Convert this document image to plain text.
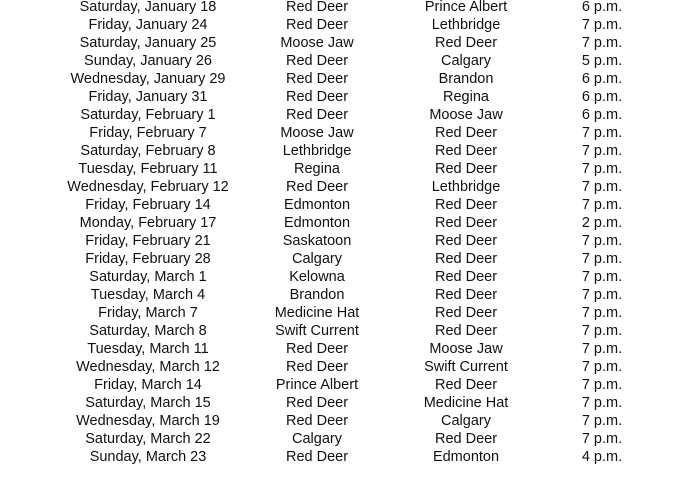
Saturday, January 18	Red Deer	Prince Albert	6 p.m.
Friday, January 24	Red Deer	Lethbridge	7 p.m.
Saturday, January 25	Moose Jaw	Red Deer	7 p.m.
Sunday, January 26	Red Deer	Calgary	5 p.m.
Wednesday, January 29	Red Deer	Brandon	6 p.m.
Friday, January 31	Red Deer	Regina	6 p.m.
Saturday, February 1	Red Deer	Moose Jaw	6 p.m.
Friday, February 7	Moose Jaw	Red Deer	7 p.m.
Saturday, February 8	Lethbridge	Red Deer	7 p.m.
Tuesday, February 11	Regina	Red Deer	7 p.m.
Wednesday, February 12	Red Deer	Lethbridge	7 p.m.
Friday, February 14	Edmonton	Red Deer	7 p.m.
Monday, February 17	Edmonton	Red Deer	2 p.m.
Friday, February 21	Saskatoon	Red Deer	7 p.m.
Friday, February 28	Calgary	Red Deer	7 p.m.
Saturday, March 1	Kelowna	Red Deer	7 p.m.
Tuesday, March 4	Brandon	Red Deer	7 p.m.
Friday, March 7	Medicine Hat	Red Deer	7 p.m.
Saturday, March 8	Swift Current	Red Deer	7 p.m.
Tuesday, March 11	Red Deer	Moose Jaw	7 p.m.
Wednesday, March 12	Red Deer	Swift Current	7 p.m.
Friday, March 14	Prince Albert	Red Deer	7 p.m.
Saturday, March 15	Red Deer	Medicine Hat	7 p.m.
Wednesday, March 19	Red Deer	Calgary	7 p.m.
Saturday, March 22	Calgary	Red Deer	7 p.m.
Sunday, March 23	Red Deer	Edmonton	4 p.m.
